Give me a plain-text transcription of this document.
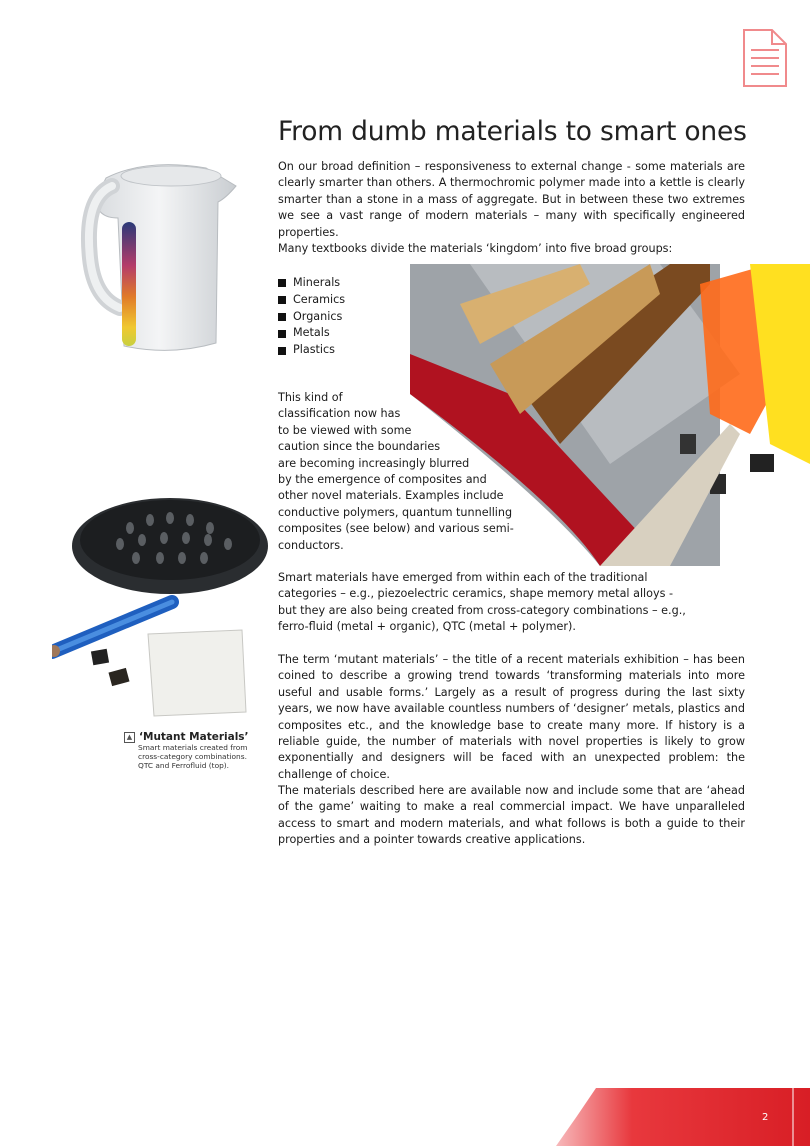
From dumb materials to smart ones

On our broad definition – responsiveness to external change - some materials are clearly smarter than others. A thermochromic polymer made into a kettle is clearly smarter than a stone in a mass of aggregate. But in between these two extremes we see a vast range of modern materials – many with specifically engineered properties.

Many textbooks divide the materials ‘kingdom’ into five broad groups:

Minerals
Ceramics
Organics
Metals
Plastics
This kind of
classification now has
to be viewed with some
caution since the boundaries
are becoming increasingly blurred
by the emergence of composites and
other novel materials. Examples include
conductive polymers, quantum tunnelling
composites (see below) and various semi-
conductors.
Smart materials have emerged from within each of the traditional
categories – e.g., piezoelectric ceramics, shape memory metal alloys -
but they are also being created from cross-category combinations – e.g.,
ferro-fluid (metal + organic), QTC (metal + polymer).

The term ‘mutant materials’ – the title of a recent materials exhibition – has been coined to describe a growing trend towards ‘transforming materials into more useful and usable forms.’ Largely as a result of progress during the last sixty years, we now have available countless numbers of ‘designer’ metals, plastics and composites etc., and the knowledge base to create many more. If history is a reliable guide, the number of materials with novel properties is likely to grow exponentially and designers will be faced with an unexpected problem: the challenge of choice.

The materials described here are available now and include some that are ‘ahead of the game’ waiting to make a real commercial impact. We have unparalleled access to smart and modern materials, and what follows is both a guide to their properties and a pointer towards creative applications.

▲ ‘Mutant Materials’
Smart materials created from
cross-category combinations.
QTC and Ferrofluid (top).
2
